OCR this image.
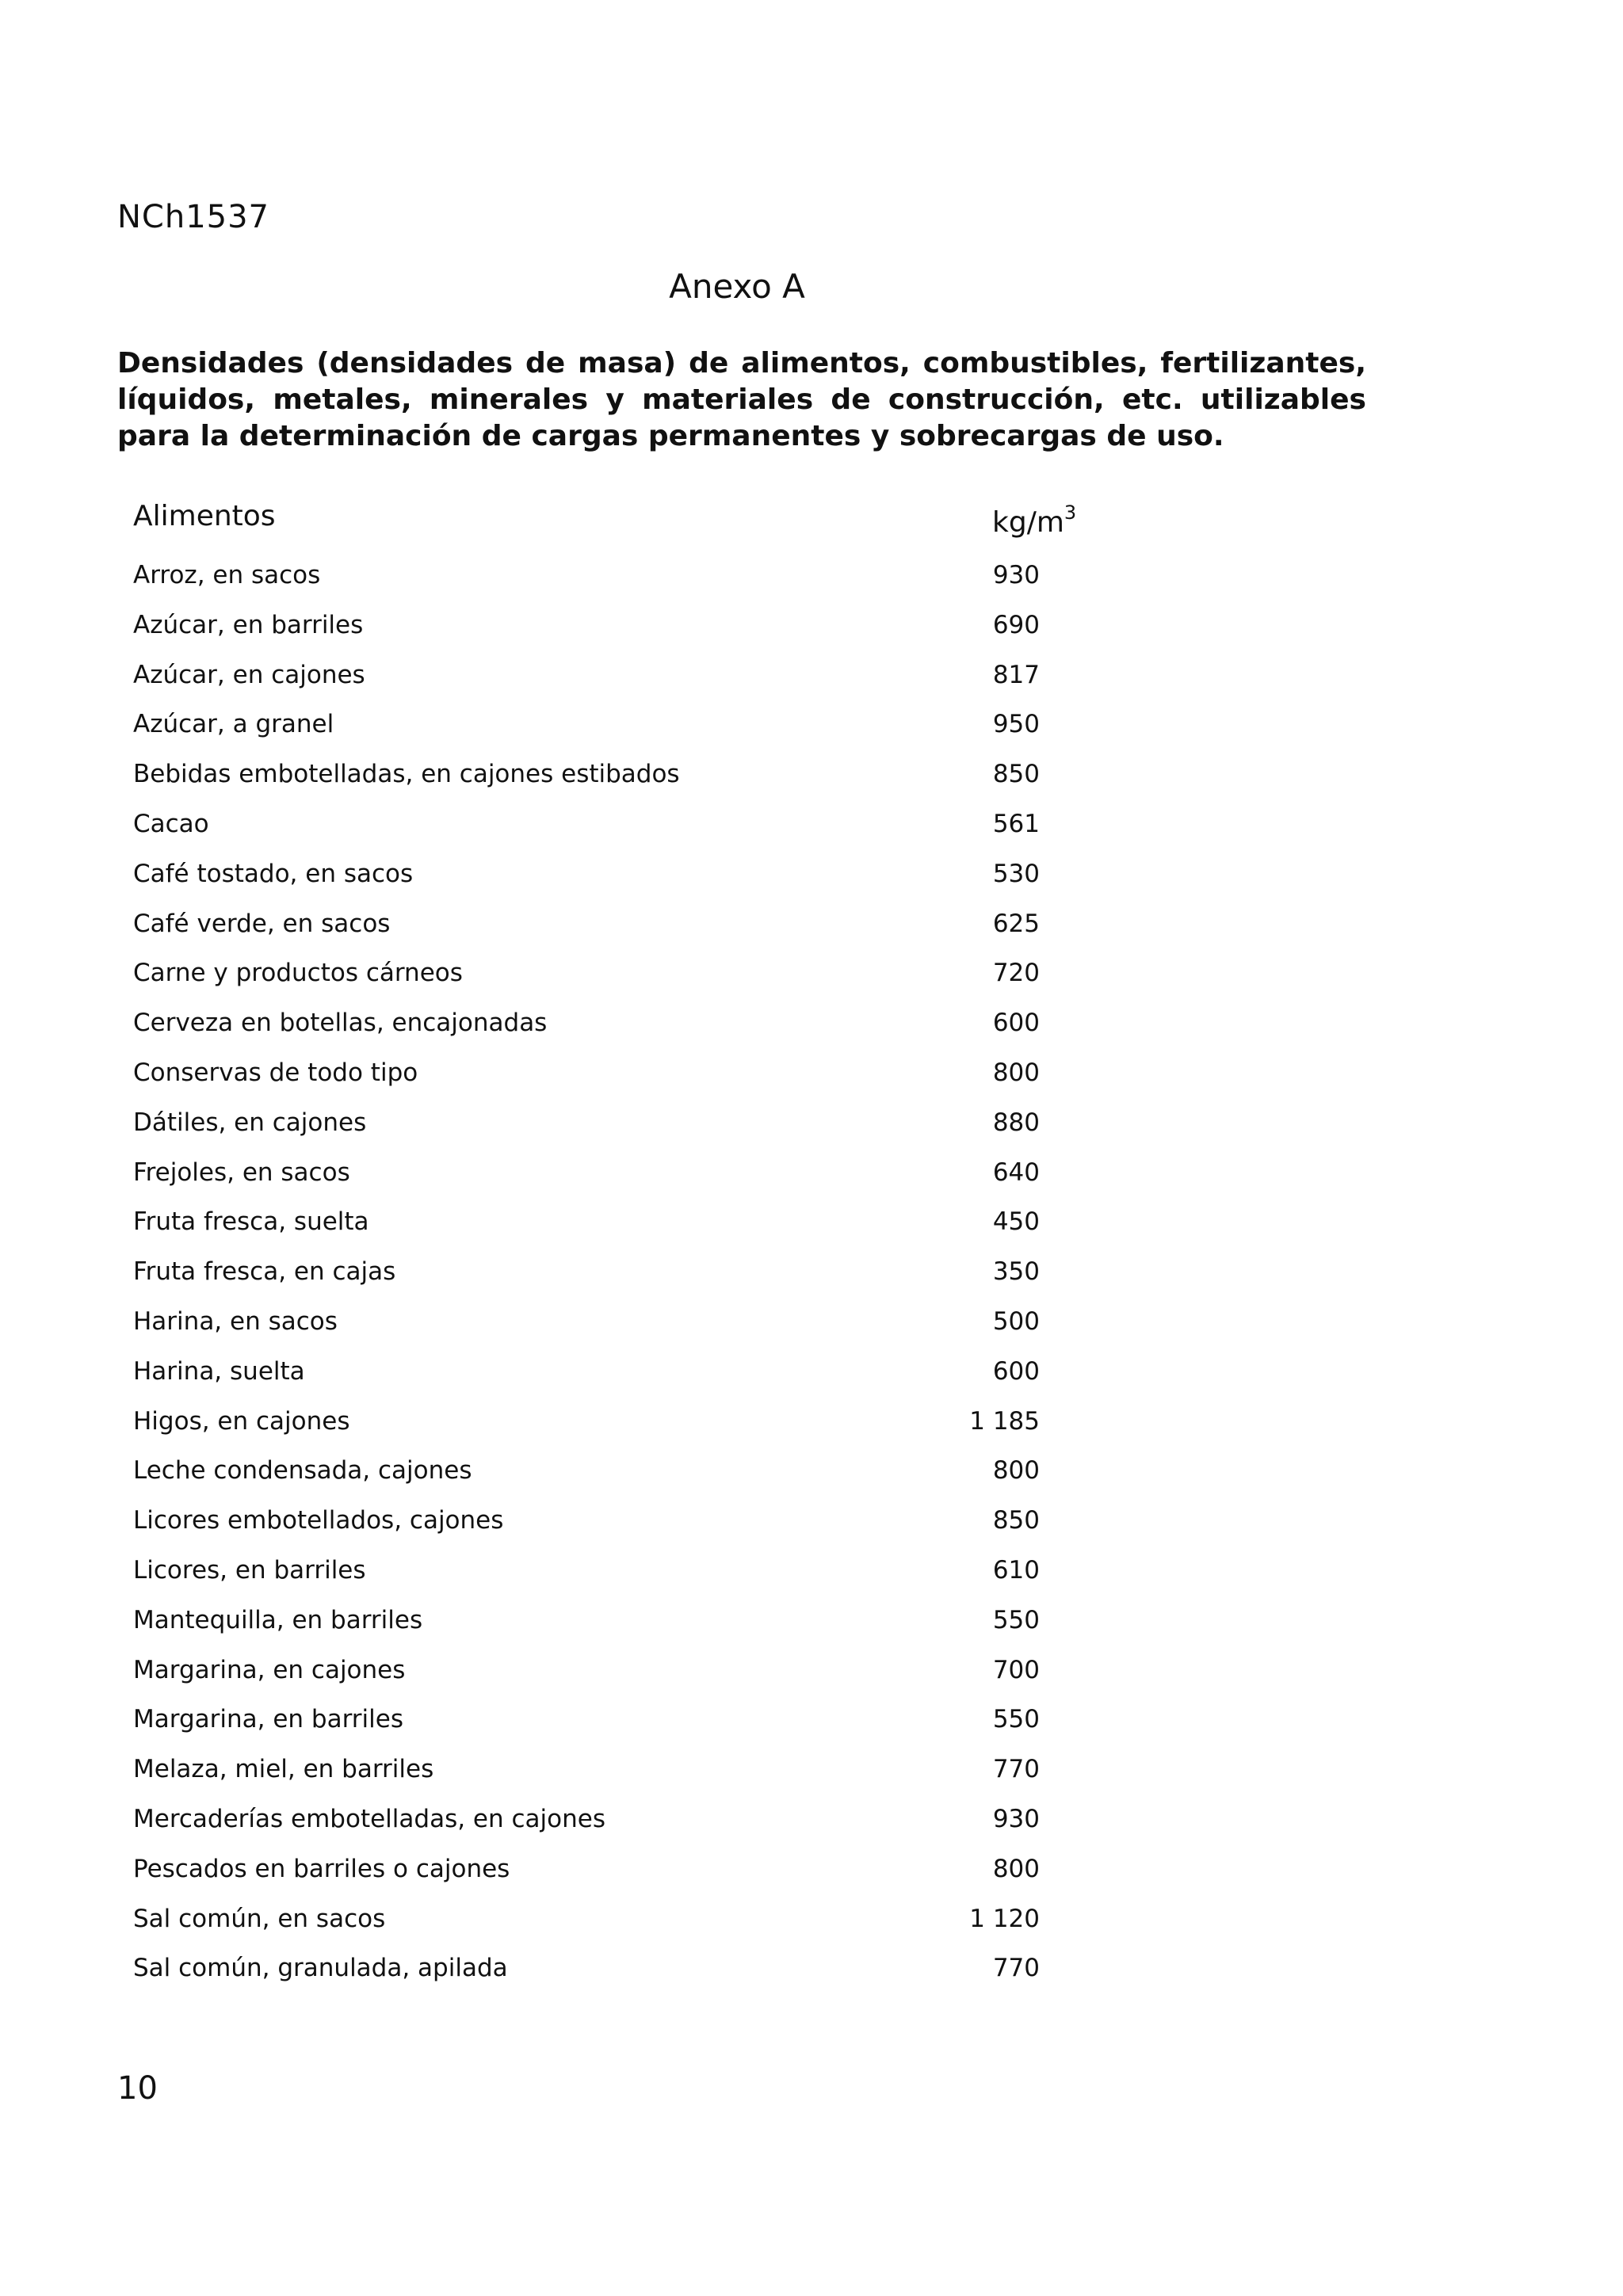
NCh1537
Anexo A
Densidades (densidades de masa) de alimentos, combustibles, fertilizantes, líquidos, metales, minerales y materiales de construcción, etc. utilizables para la determinación de cargas permanentes y sobrecargas de uso.
Alimentos	$kg/m^3$
Arroz, en sacos	930
Azúcar, en barriles	690
Azúcar, en cajones	817
Azúcar, a granel	950
Bebidas embotelladas, en cajones estibados	850
Cacao	561
Café tostado, en sacos	530
Café verde, en sacos	625
Carne y productos cárneos	720
Cerveza en botellas, encajonadas	600
Conservas de todo tipo	800
Dátiles, en cajones	880
Frejoles, en sacos	640
Fruta fresca, suelta	450
Fruta fresca, en cajas	350
Harina, en sacos	500
Harina, suelta	600
Higos, en cajones	1 185
Leche condensada, cajones	800
Licores embotellados, cajones	850
Licores, en barriles	610
Mantequilla, en barriles	550
Margarina, en cajones	700
Margarina, en barriles	550
Melaza, miel, en barriles	770
Mercaderías embotelladas, en cajones	930
Pescados en barriles o cajones	800
Sal común, en sacos	1 120
Sal común, granulada, apilada	770
10
